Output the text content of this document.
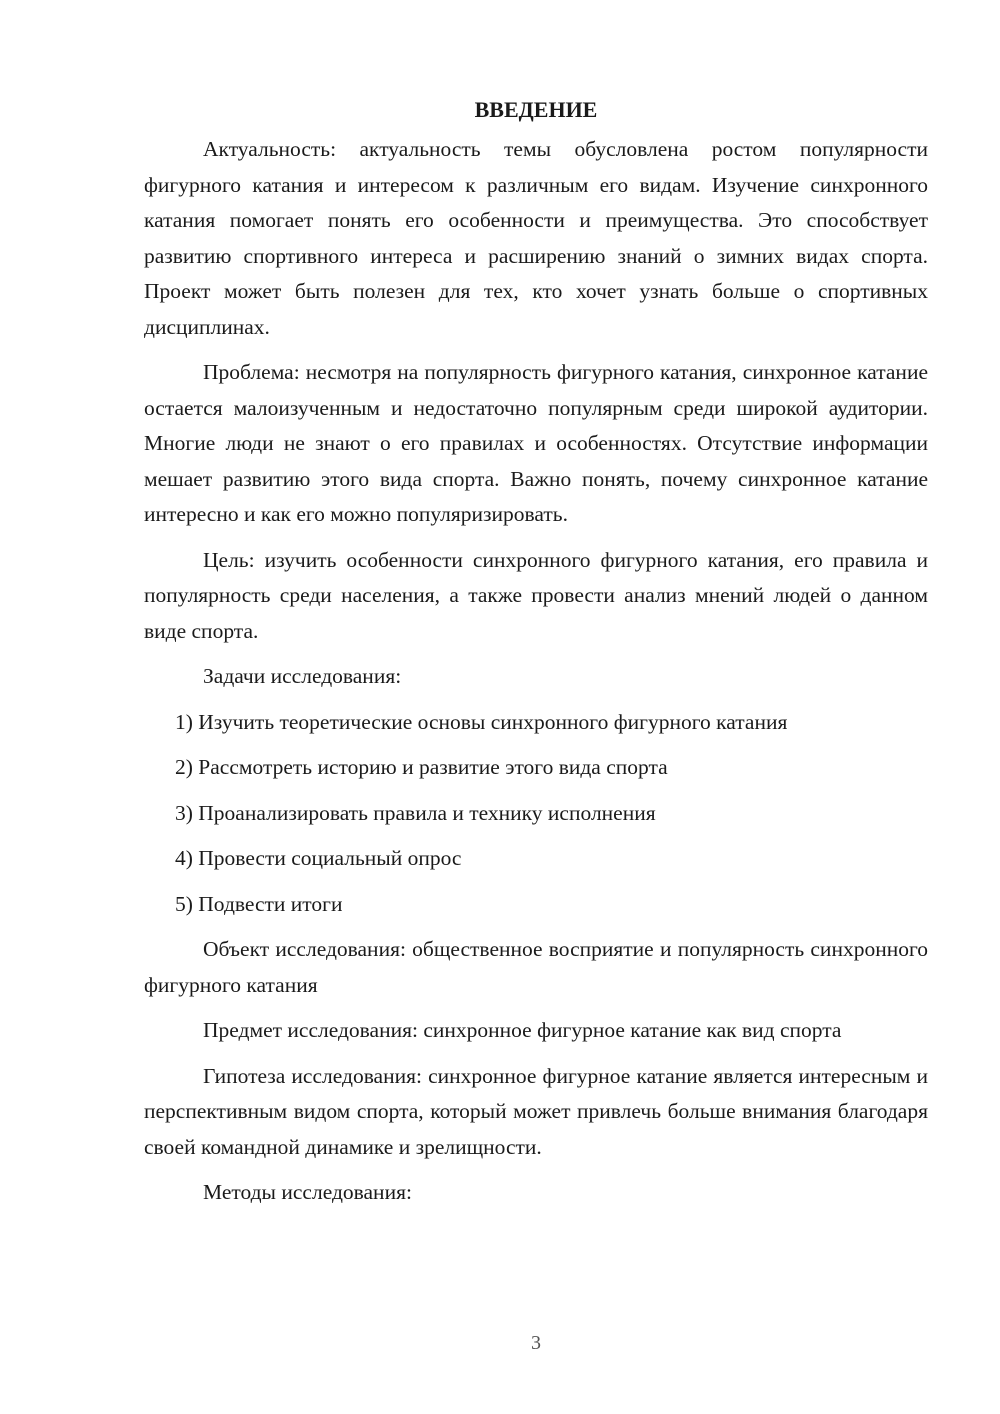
ВВЕДЕНИЕ

Актуальность: актуальность темы обусловлена ростом популярности фигурного катания и интересом к различным его видам. Изучение синхронного катания помогает понять его особенности и преимущества. Это способствует развитию спортивного интереса и расширению знаний о зимних видах спорта. Проект может быть полезен для тех, кто хочет узнать больше о спортивных дисциплинах.

Проблема: несмотря на популярность фигурного катания, синхронное катание остается малоизученным и недостаточно популярным среди широкой аудитории. Многие люди не знают о его правилах и особенностях. Отсутствие информации мешает развитию этого вида спорта. Важно понять, почему синхронное катание интересно и как его можно популяризировать.

Цель: изучить особенности синхронного фигурного катания, его правила и популярность среди населения, а также провести анализ мнений людей о данном виде спорта.

Задачи исследования:

1) Изучить теоретические основы синхронного фигурного катания
2) Рассмотреть историю и развитие этого вида спорта
3) Проанализировать правила и технику исполнения
4) Провести социальный опрос
5) Подвести итоги

Объект исследования: общественное восприятие и популярность синхронного фигурного катания

Предмет исследования: синхронное фигурное катание как вид спорта

Гипотеза исследования: синхронное фигурное катание является интересным и перспективным видом спорта, который может привлечь больше внимания благодаря своей командной динамике и зрелищности.

Методы исследования:

3
